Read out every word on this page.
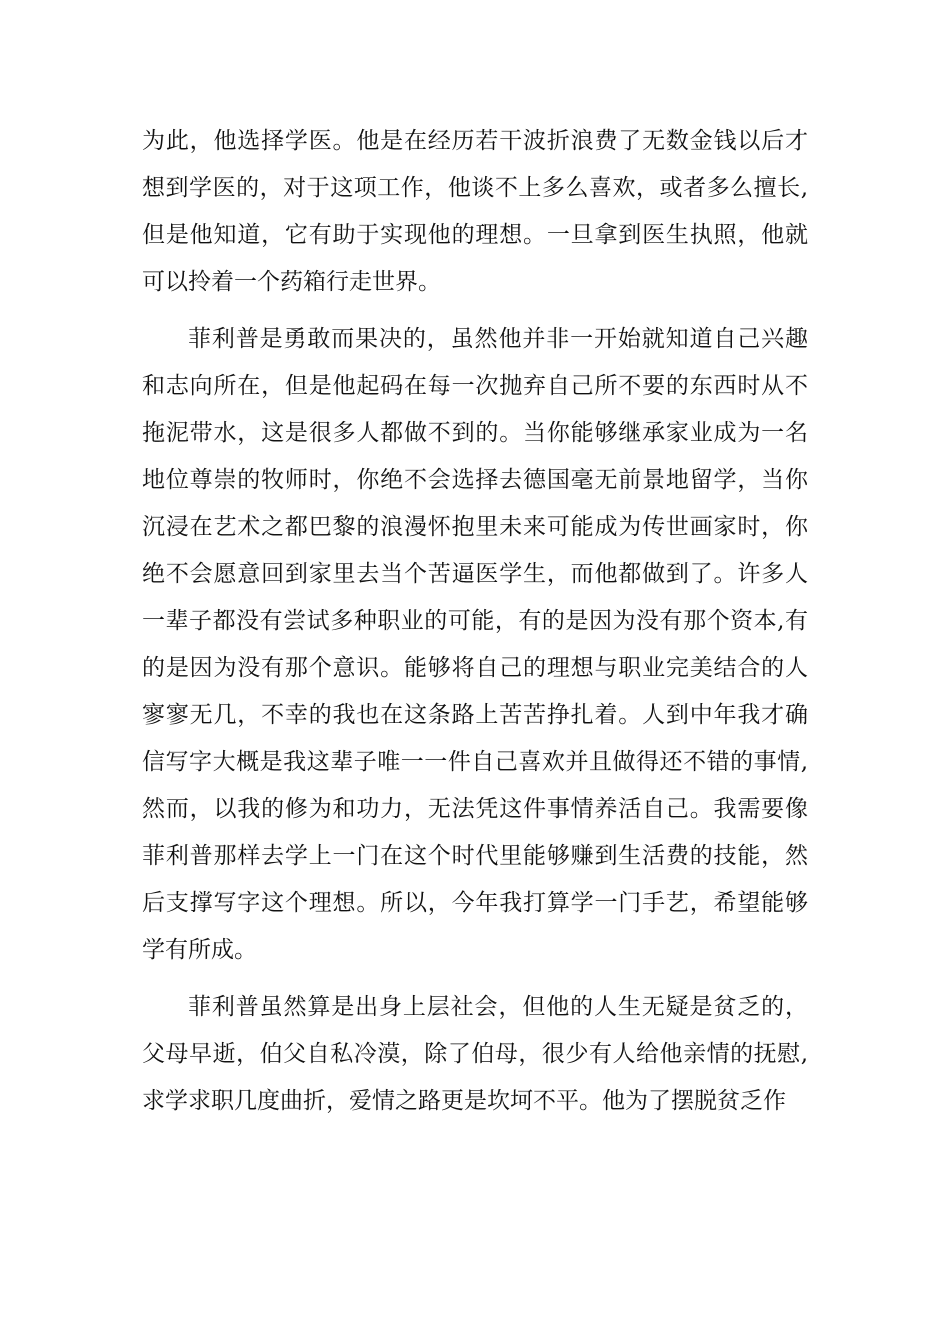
为此，他选择学医。他是在经历若干波折浪费了无数金钱以后才想到学医的，对于这项工作，他谈不上多么喜欢，或者多么擅长,但是他知道，它有助于实现他的理想。一旦拿到医生执照，他就可以拎着一个药箱行走世界。

菲利普是勇敢而果决的，虽然他并非一开始就知道自己兴趣和志向所在，但是他起码在每一次抛弃自己所不要的东西时从不拖泥带水，这是很多人都做不到的。当你能够继承家业成为一名地位尊崇的牧师时，你绝不会选择去德国毫无前景地留学，当你沉浸在艺术之都巴黎的浪漫怀抱里未来可能成为传世画家时，你绝不会愿意回到家里去当个苦逼医学生，而他都做到了。许多人一辈子都没有尝试多种职业的可能，有的是因为没有那个资本,有的是因为没有那个意识。能够将自己的理想与职业完美结合的人寥寥无几，不幸的我也在这条路上苦苦挣扎着。人到中年我才确信写字大概是我这辈子唯一一件自己喜欢并且做得还不错的事情,然而，以我的修为和功力，无法凭这件事情养活自己。我需要像菲利普那样去学上一门在这个时代里能够赚到生活费的技能，然后支撑写字这个理想。所以，今年我打算学一门手艺，希望能够学有所成。

菲利普虽然算是出身上层社会，但他的人生无疑是贫乏的，父母早逝，伯父自私冷漠，除了伯母，很少有人给他亲情的抚慰,求学求职几度曲折，爱情之路更是坎坷不平。他为了摆脱贫乏作
